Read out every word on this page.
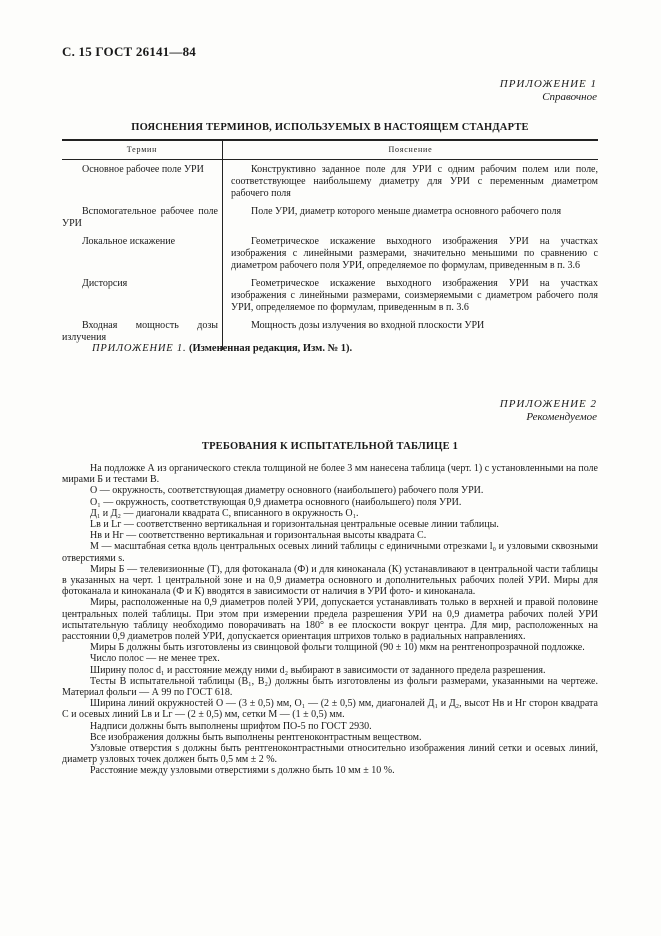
С. 15 ГОСТ 26141—84
ПРИЛОЖЕНИЕ 1
Справочное
ПОЯСНЕНИЯ ТЕРМИНОВ, ИСПОЛЬЗУЕМЫХ В НАСТОЯЩЕМ СТАНДАРТЕ
Термин	Пояснение

Основное рабочее поле УРИ	Конструктивно заданное поле для УРИ с одним рабочим полем или поле, соответствующее наибольшему диаметру для УРИ с переменным диаметром рабочего поля

Вспомогательное рабочее поле УРИ	Поле УРИ, диаметр которого меньше диаметра основного рабочего поля

Локальное искажение	Геометрическое искажение выходного изображения УРИ на участках изображения с линейными размерами, значительно меньшими по сравнению с диаметром рабочего поля УРИ, определяемое по формулам, приведенным в п. 3.6

Дисторсия	Геометрическое искажение выходного изображения УРИ на участках изображения с линейными размерами, соизмеряемыми с диаметром рабочего поля УРИ, определяемое по формулам, приведенным в п. 3.6

Входная мощность дозы излучения	Мощность дозы излучения во входной плоскости УРИ
ПРИЛОЖЕНИЕ 1. (Измененная редакция, Изм. № 1).
ПРИЛОЖЕНИЕ 2
Рекомендуемое
ТРЕБОВАНИЯ К ИСПЫТАТЕЛЬНОЙ ТАБЛИЦЕ 1

На подложке А из органического стекла толщиной не более 3 мм нанесена таблица (черт. 1) с установленными на поле мирами Б и тестами В.

О — окружность, соответствующая диаметру основного (наибольшего) рабочего поля УРИ.

О₁ — окружность, соответствующая 0,9 диаметра основного (наибольшего) поля УРИ.

Д₁ и Д₂ — диагонали квадрата С, вписанного в окружность О₁.

Lв и Lг — соответственно вертикальная и горизонтальная центральные осевые линии таблицы.

Hв и Hг — соответственно вертикальная и горизонтальная высоты квадрата С.

М — масштабная сетка вдоль центральных осевых линий таблицы с единичными отрезками l₀ и узловыми сквозными отверстиями s.

Миры Б — телевизионные (Т), для фотоканала (Ф) и для киноканала (К) устанавливают в центральной части таблицы в указанных на черт. 1 центральной зоне и на 0,9 диаметра основного и дополнительных рабочих полей УРИ. Миры для фотоканала и киноканала (Ф и К) вводятся в зависимости от наличия в УРИ фото- и киноканала.

Миры, расположенные на 0,9 диаметров полей УРИ, допускается устанавливать только в верхней и правой половине центральных полей таблицы. При этом при измерении предела разрешения УРИ на 0,9 диаметра рабочих полей УРИ испытательную таблицу необходимо поворачивать на 180° в ее плоскости вокруг центра. Для мир, расположенных на расстоянии 0,9 диаметров полей УРИ, допускается ориентация штрихов только в радиальных направлениях.

Миры Б должны быть изготовлены из свинцовой фольги толщиной (90 ± 10) мкм на рентгенопрозрачной подложке.

Число полос — не менее трех.

Ширину полос d₁ и расстояние между ними d₂ выбирают в зависимости от заданного предела разрешения.

Тесты В испытательной таблицы (В₁, В₂) должны быть изготовлены из фольги размерами, указанными на чертеже. Материал фольги — А 99 по ГОСТ 618.

Ширина линий окружностей О — (3 ± 0,5) мм, О₁ — (2 ± 0,5) мм, диагоналей Д₁ и Д₂, высот Hв и Hг сторон квадрата С и осевых линий Lв и Lг — (2 ± 0,5) мм, сетки М — (1 ± 0,5) мм.

Надписи должны быть выполнены шрифтом ПО-5 по ГОСТ 2930.

Все изображения должны быть выполнены рентгеноконтрастным веществом.

Узловые отверстия s должны быть рентгеноконтрастными относительно изображения линий сетки и осевых линий, диаметр узловых точек должен быть 0,5 мм ± 2 %.

Расстояние между узловыми отверстиями s должно быть 10 мм ± 10 %.
